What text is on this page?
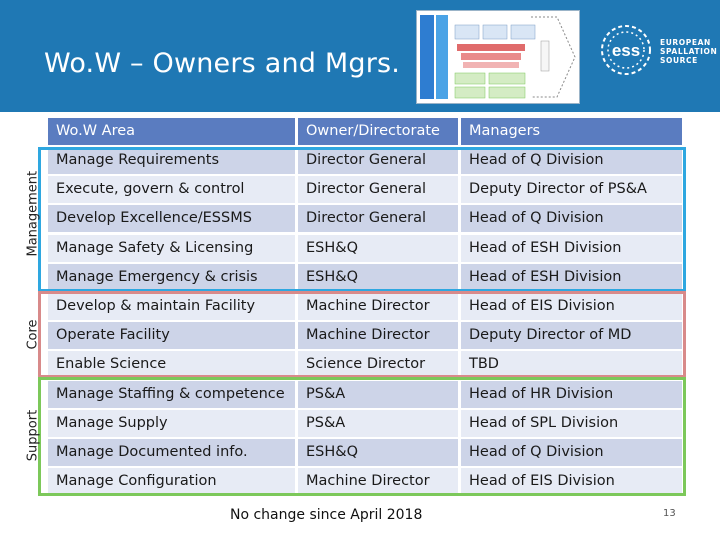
Wo.W – Owners and Mgrs.	ess	EUROPEAN
SPALLATION
SOURCE
Wo.W Area	Owner/Directorate	Managers
Manage Requirements	Director General	Head of Q Division
Execute, govern & control	Director General	Deputy Director of PS&A
Develop Excellence/ESSMS	Director General	Head of Q Division
Manage Safety & Licensing	ESH&Q	Head of ESH Division
Manage Emergency & crisis	ESH&Q	Head of ESH Division
Develop & maintain Facility	Machine Director	Head of EIS Division
Operate Facility	Machine Director	Deputy Director of MD
Enable Science	Science Director	TBD
Manage Staffing & competence	PS&A	Head of HR Division
Manage Supply	PS&A	Head of SPL Division
Manage Documented info.	ESH&Q	Head of Q Division
Manage Configuration	Machine Director	Head of EIS Division
Management
Core
Support
No change since April 2018	13
